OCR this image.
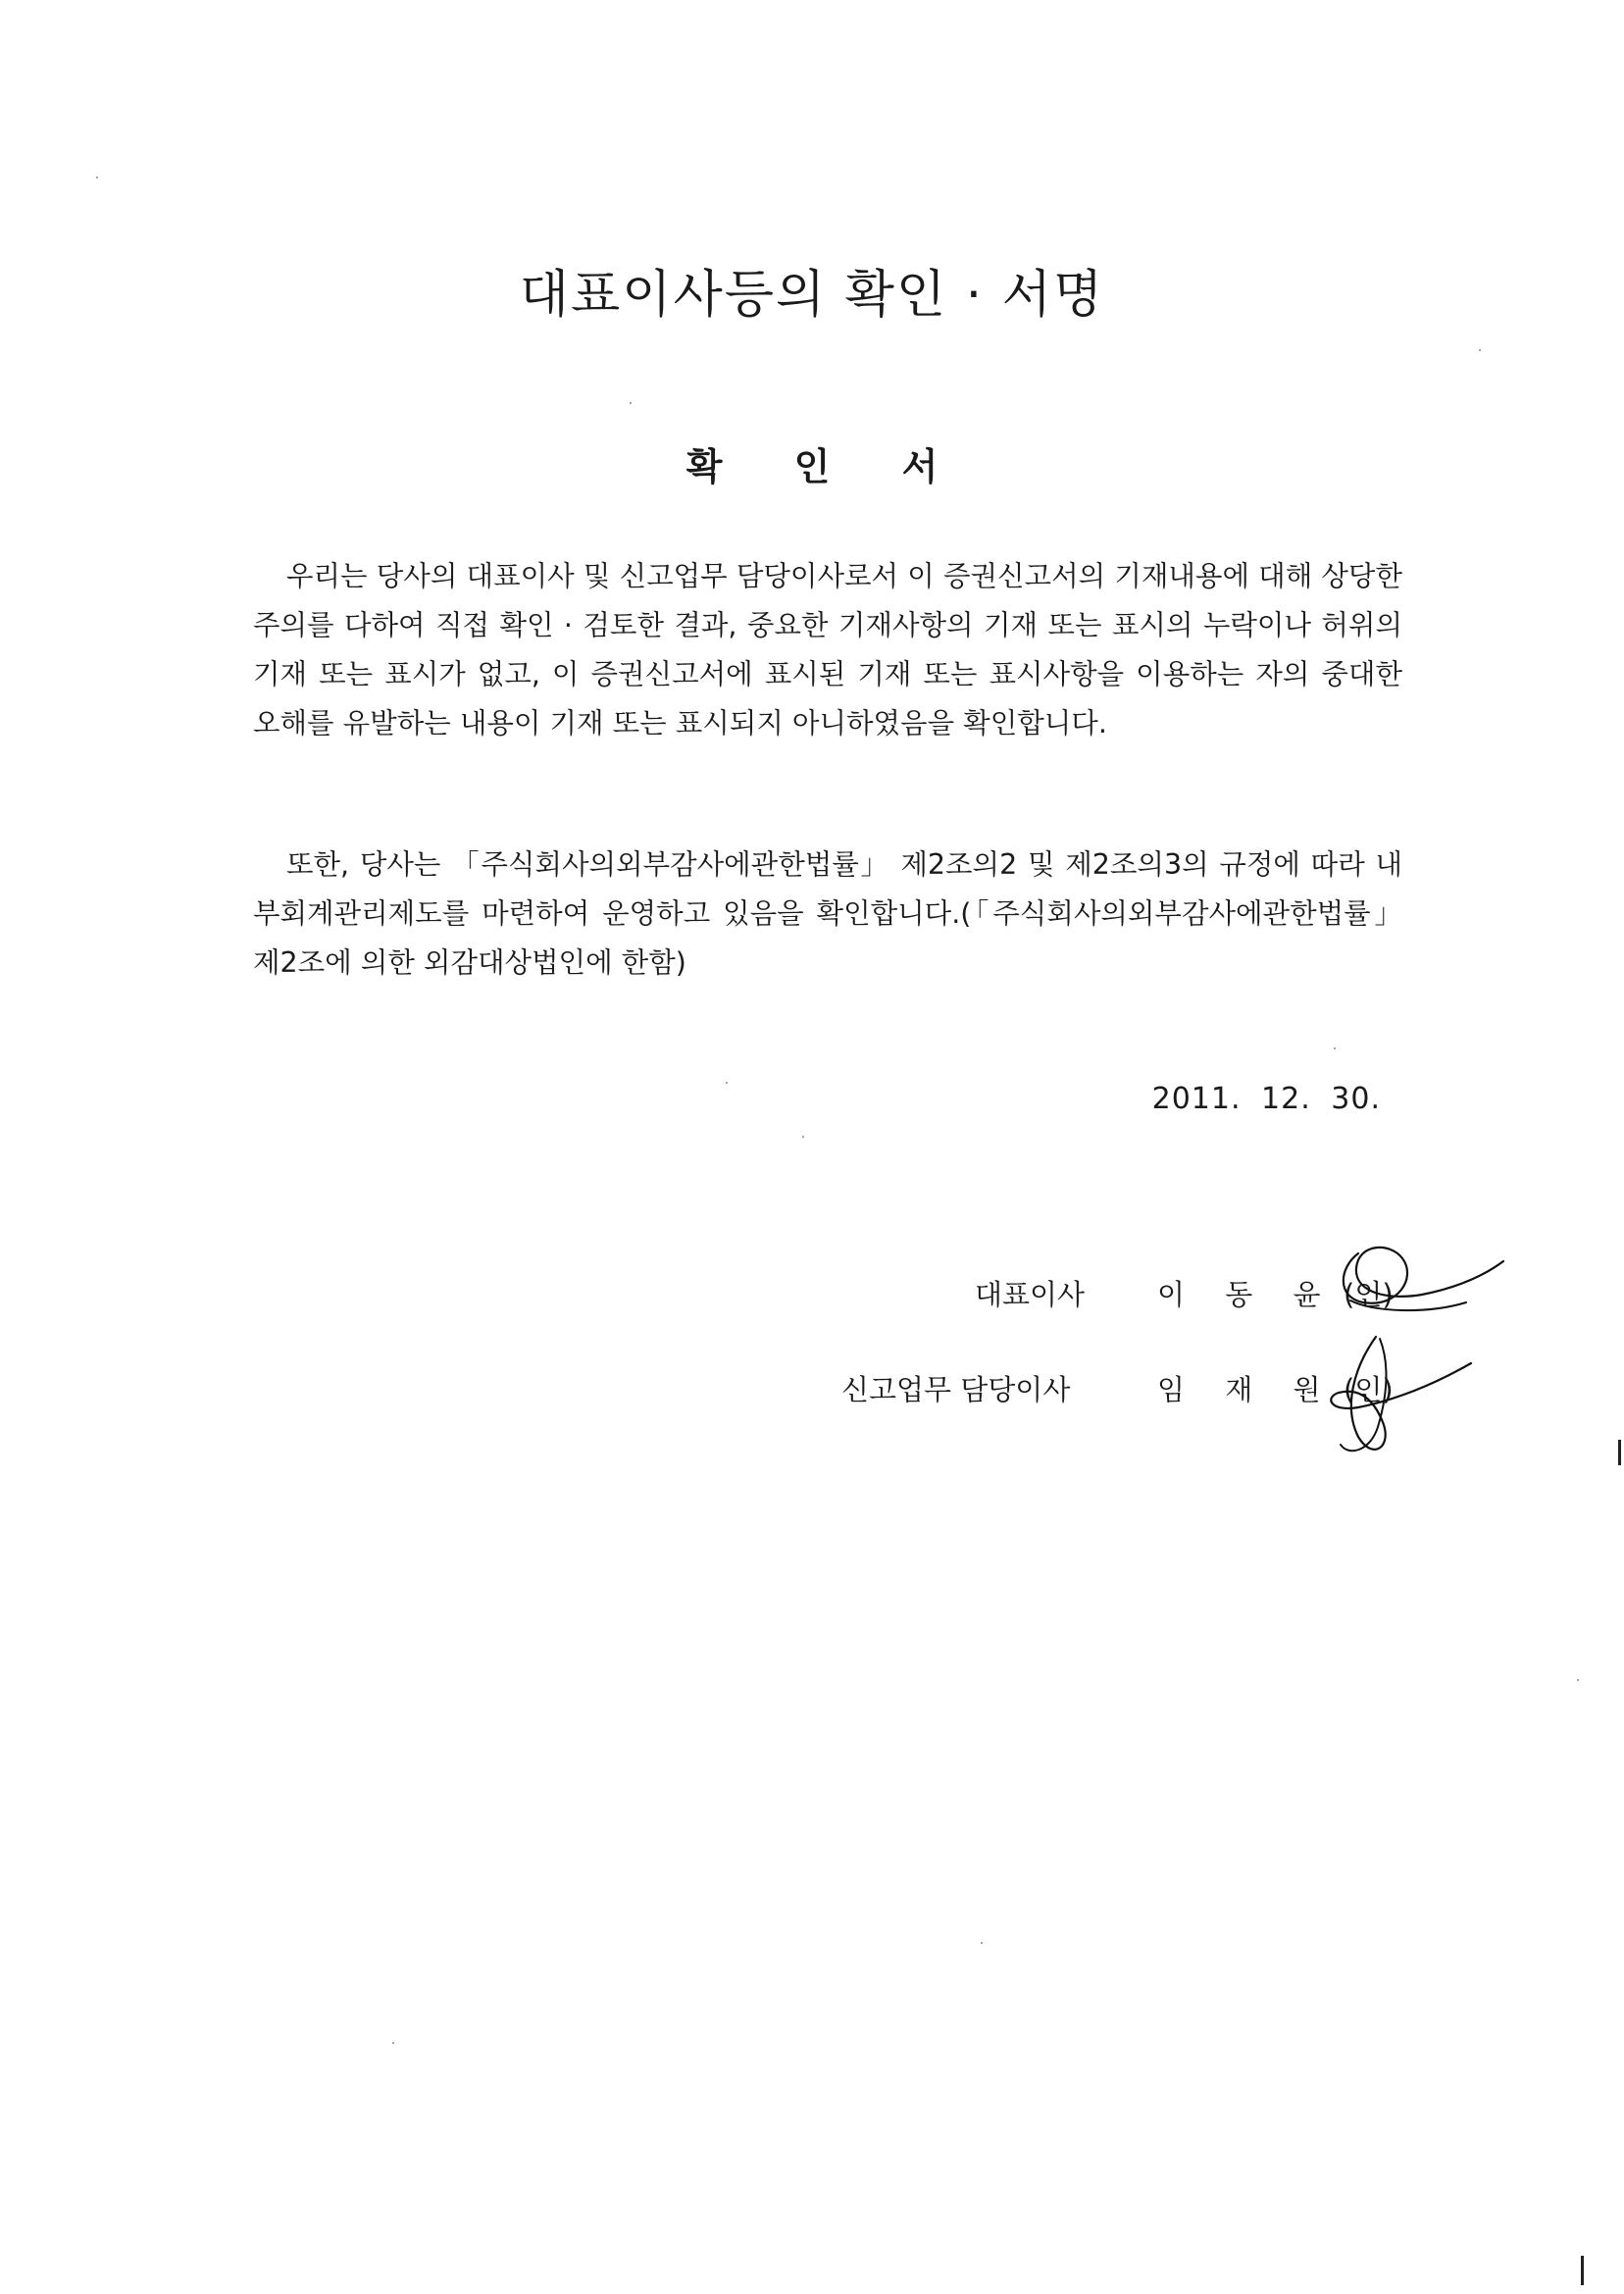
대표이사등의 확인 · 서명
확 인 서

우리는 당사의 대표이사 및 신고업무 담당이사로서 이 증권신고서의 기재내용에 대해 상당한 주의를 다하여 직접 확인 · 검토한 결과, 중요한 기재사항의 기재 또는 표시의 누락이나 허위의 기재 또는 표시가 없고, 이 증권신고서에 표시된 기재 또는 표시사항을 이용하는 자의 중대한 오해를 유발하는 내용이 기재 또는 표시되지 아니하였음을 확인합니다.

또한, 당사는 「주식회사의외부감사에관한법률」 제2조의2 및 제2조의3의 규정에 따라 내부회계관리제도를 마련하여 운영하고 있음을 확인합니다.(「주식회사의외부감사에관한법률」 제2조에 의한 외감대상법인에 한함)

2011. 12. 30.

대표이사	이 동 윤 (인)
신고업무 담당이사	임 재 원 (인)
